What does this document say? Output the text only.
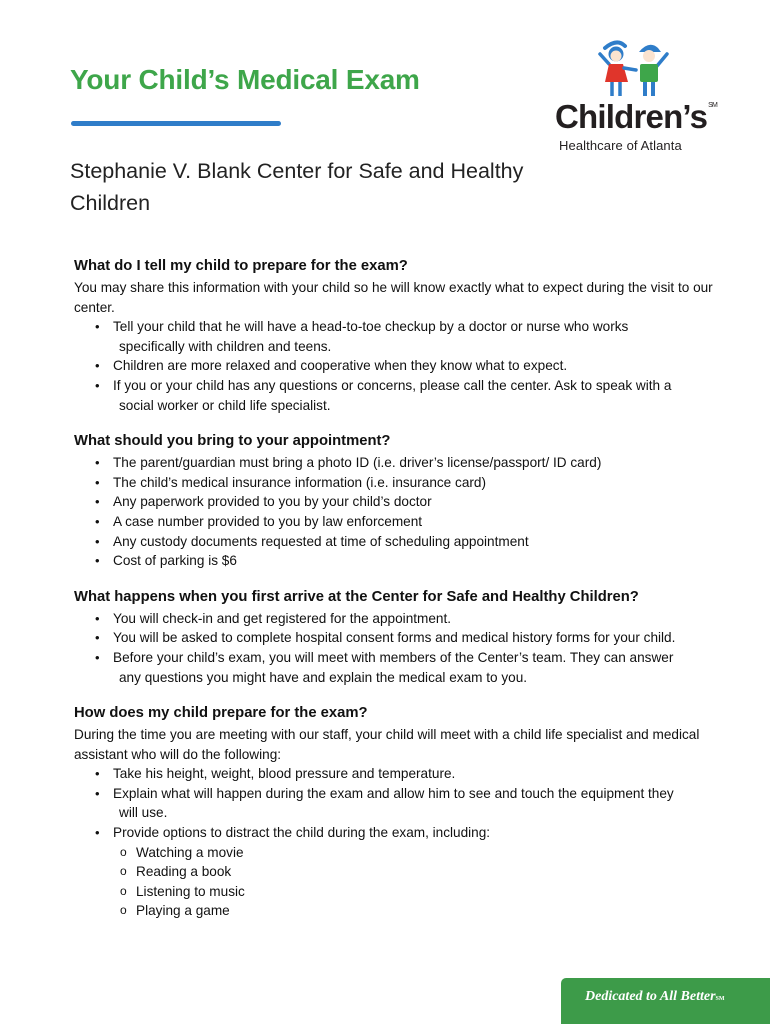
Your Child’s Medical Exam
Children’s℠
Healthcare of Atlanta
Stephanie V. Blank Center for Safe and Healthy Children
What do I tell my child to prepare for the exam?

You may share this information with your child so he will know exactly what to expect during the visit to our center.

• Tell your child that he will have a head-to-toe checkup by a doctor or nurse who works
specifically with children and teens.
• Children are more relaxed and cooperative when they know what to expect.
• If you or your child has any questions or concerns, please call the center. Ask to speak with a
social worker or child life specialist.
What should you bring to your appointment?
• The parent/guardian must bring a photo ID (i.e. driver’s license/passport/ ID card)
• The child’s medical insurance information (i.e. insurance card)
• Any paperwork provided to you by your child’s doctor
• A case number provided to you by law enforcement
• Any custody documents requested at time of scheduling appointment
• Cost of parking is $6
What happens when you first arrive at the Center for Safe and Healthy Children?
• You will check-in and get registered for the appointment.
• You will be asked to complete hospital consent forms and medical history forms for your child.
• Before your child’s exam, you will meet with members of the Center’s team. They can answer
any questions you might have and explain the medical exam to you.
How does my child prepare for the exam?

During the time you are meeting with our staff, your child will meet with a child life specialist and medical assistant who will do the following:

• Take his height, weight, blood pressure and temperature.
• Explain what will happen during the exam and allow him to see and touch the equipment they
will use.
• Provide options to distract the child during the exam, including:
o Watching a movie
o Reading a book
o Listening to music
o Playing a game
Dedicated to All Better℠
